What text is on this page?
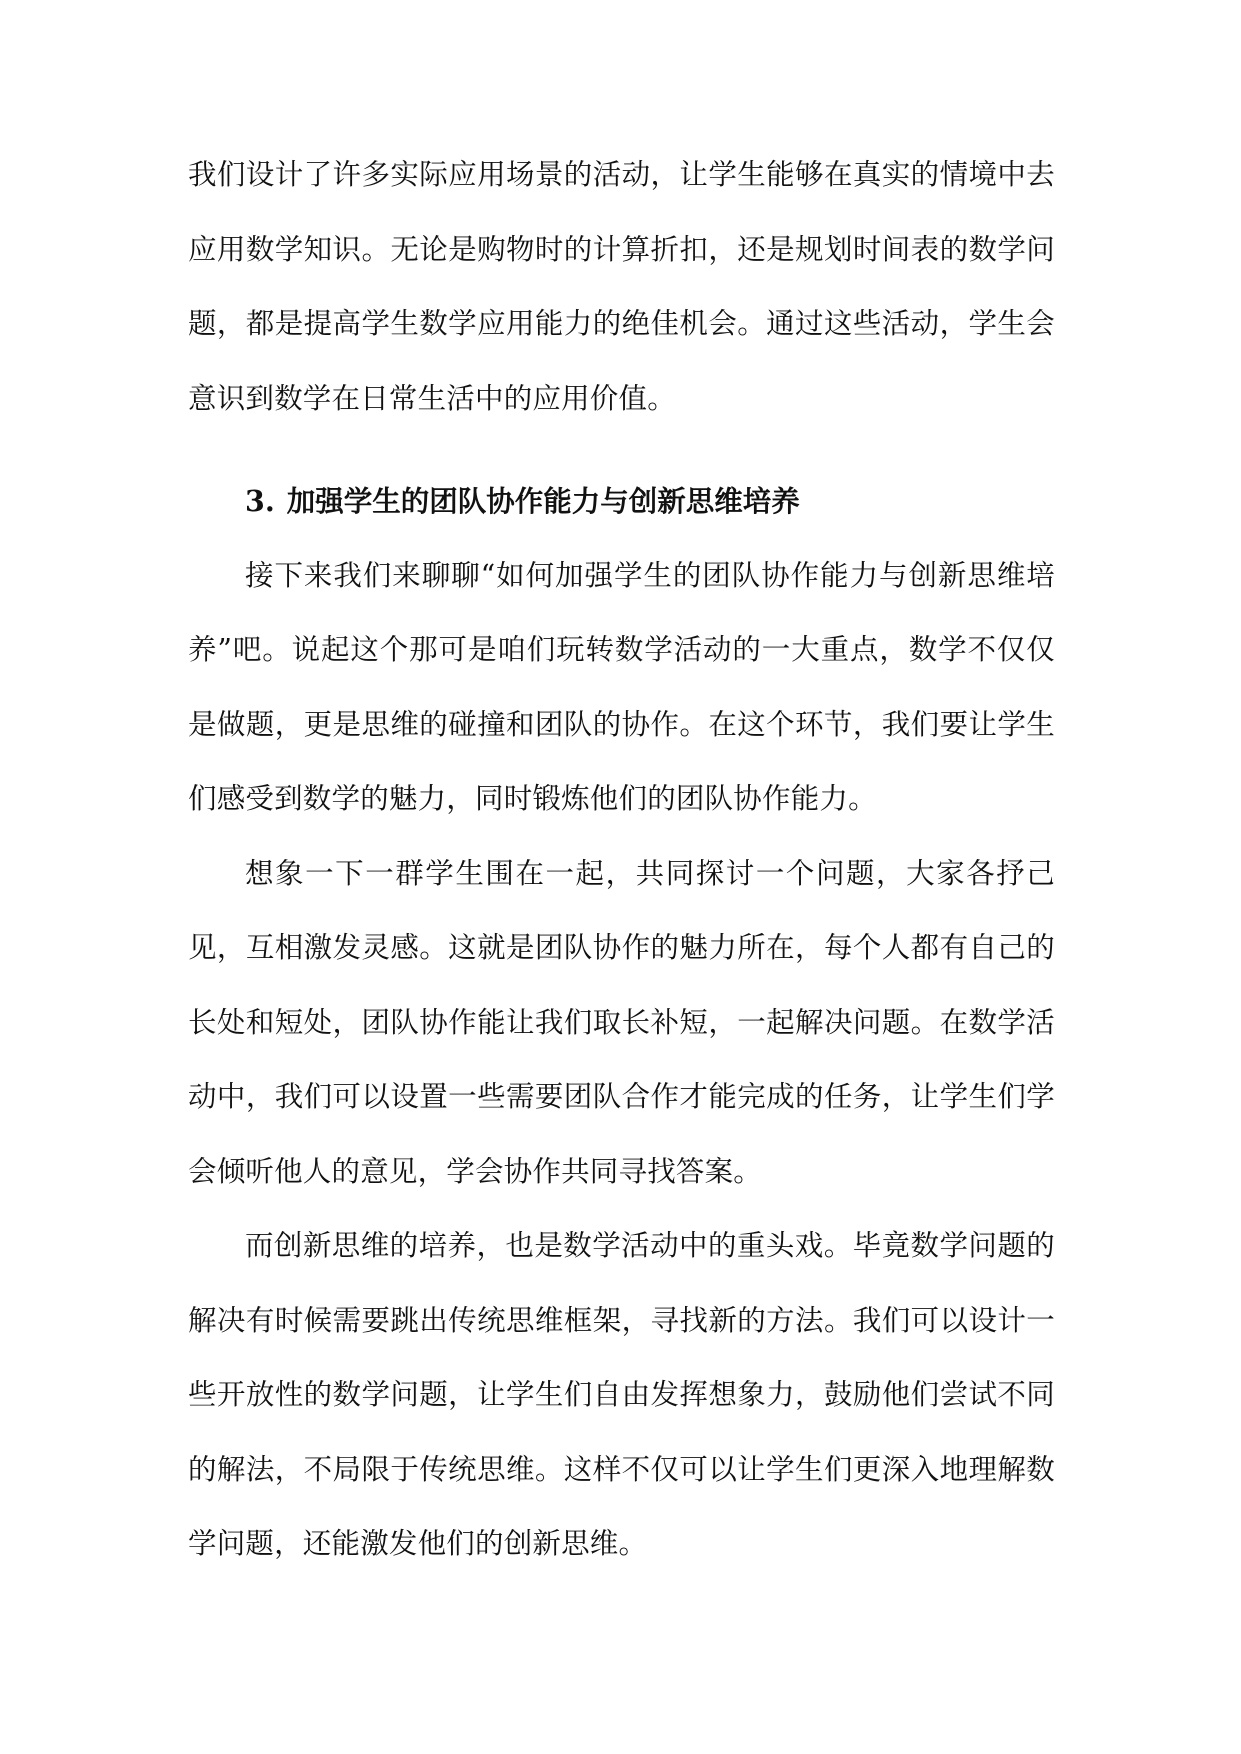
我们设计了许多实际应用场景的活动，让学生能够在真实的情境中去应用数学知识。无论是购物时的计算折扣，还是规划时间表的数学问题，都是提高学生数学应用能力的绝佳机会。通过这些活动，学生会意识到数学在日常生活中的应用价值。

3. 加强学生的团队协作能力与创新思维培养

接下来我们来聊聊“如何加强学生的团队协作能力与创新思维培养”吧。说起这个那可是咱们玩转数学活动的一大重点，数学不仅仅是做题，更是思维的碰撞和团队的协作。在这个环节，我们要让学生们感受到数学的魅力，同时锻炼他们的团队协作能力。

想象一下一群学生围在一起，共同探讨一个问题，大家各抒己见，互相激发灵感。这就是团队协作的魅力所在，每个人都有自己的长处和短处，团队协作能让我们取长补短，一起解决问题。在数学活动中，我们可以设置一些需要团队合作才能完成的任务，让学生们学会倾听他人的意见，学会协作共同寻找答案。

而创新思维的培养，也是数学活动中的重头戏。毕竟数学问题的解决有时候需要跳出传统思维框架，寻找新的方法。我们可以设计一些开放性的数学问题，让学生们自由发挥想象力，鼓励他们尝试不同的解法，不局限于传统思维。这样不仅可以让学生们更深入地理解数学问题，还能激发他们的创新思维。
